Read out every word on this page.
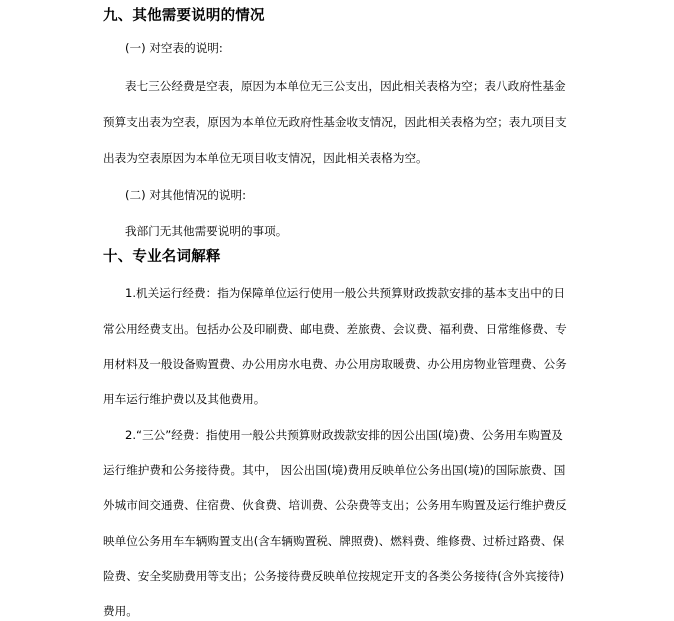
九、其他需要说明的情况
(一) 对空表的说明:
表七三公经费是空表，原因为本单位无三公支出，因此相关表格为空；表八政府性基金
预算支出表为空表，原因为本单位无政府性基金收支情况，因此相关表格为空；表九项目支
出表为空表原因为本单位无项目收支情况，因此相关表格为空。
(二) 对其他情况的说明:
我部门无其他需要说明的事项。
十、专业名词解释
1.机关运行经费：指为保障单位运行使用一般公共预算财政拨款安排的基本支出中的日
常公用经费支出。包括办公及印刷费、邮电费、差旅费、会议费、福利费、日常维修费、专
用材料及一般设备购置费、办公用房水电费、办公用房取暖费、办公用房物业管理费、公务
用车运行维护费以及其他费用。
2.“三公”经费：指使用一般公共预算财政拨款安排的因公出国(境)费、公务用车购置及
运行维护费和公务接待费。其中， 因公出国(境)费用反映单位公务出国(境)的国际旅费、国
外城市间交通费、住宿费、伙食费、培训费、公杂费等支出；公务用车购置及运行维护费反
映单位公务用车车辆购置支出(含车辆购置税、牌照费)、燃料费、维修费、过桥过路费、保
险费、安全奖励费用等支出；公务接待费反映单位按规定开支的各类公务接待(含外宾接待)
费用。
